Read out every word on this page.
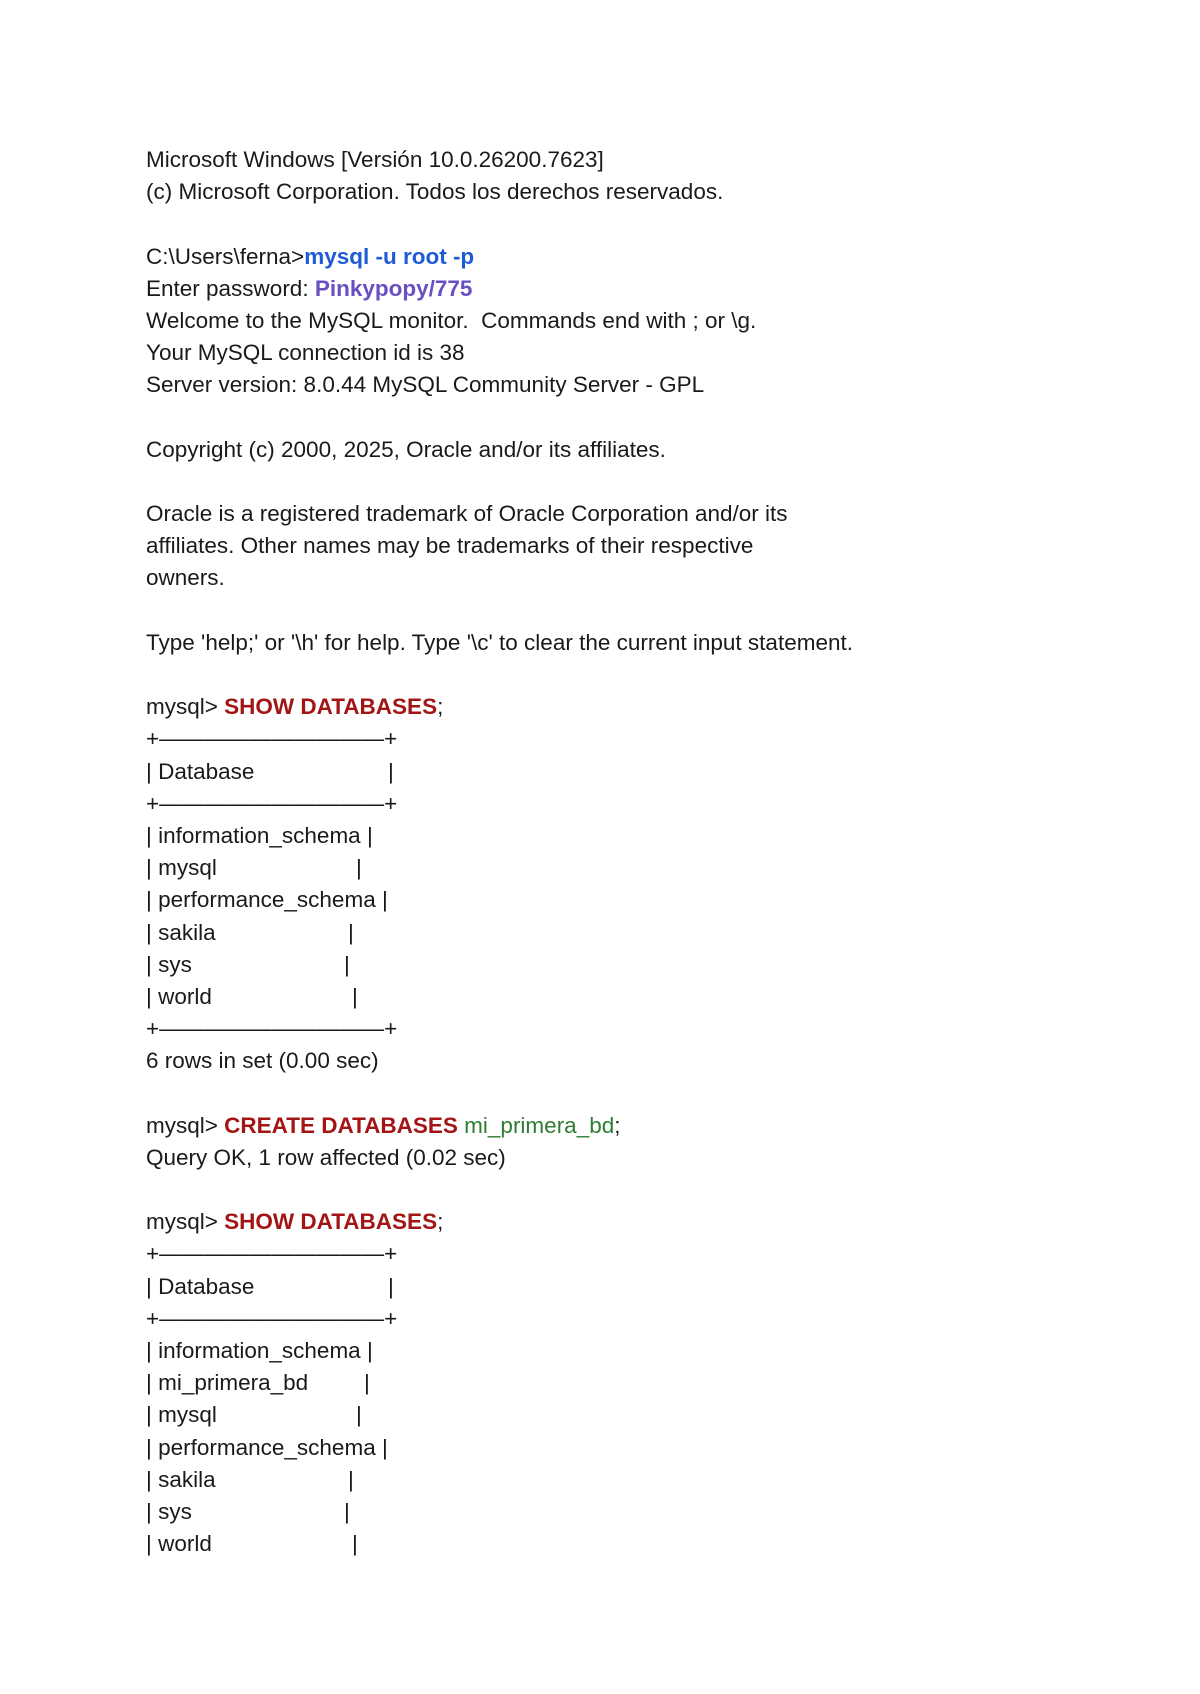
Microsoft Windows [Versión 10.0.26200.7623]
(c) Microsoft Corporation. Todos los derechos reservados.
C:\Users\ferna>mysql -u root -p
Enter password: Pinkypopy/775
Welcome to the MySQL monitor.  Commands end with ; or \g.
Your MySQL connection id is 38
Server version: 8.0.44 MySQL Community Server - GPL
Copyright (c) 2000, 2025, Oracle and/or its affiliates.
Oracle is a registered trademark of Oracle Corporation and/or its
affiliates. Other names may be trademarks of their respective
owners.
Type 'help;' or '\h' for help. Type '\c' to clear the current input statement.
mysql> SHOW DATABASES;
+——————————+
| Database	|
+——————————+
| information_schema |
| mysql	|
| performance_schema |
| sakila	|
| sys	|
| world	|
+——————————+
6 rows in set (0.00 sec)
mysql> CREATE DATABASES mi_primera_bd;
Query OK, 1 row affected (0.02 sec)
mysql> SHOW DATABASES;
+——————————+
| Database	|
+——————————+
| information_schema |
| mi_primera_bd |
| mysql	|
| performance_schema |
| sakila	|
| sys	|
| world	|
